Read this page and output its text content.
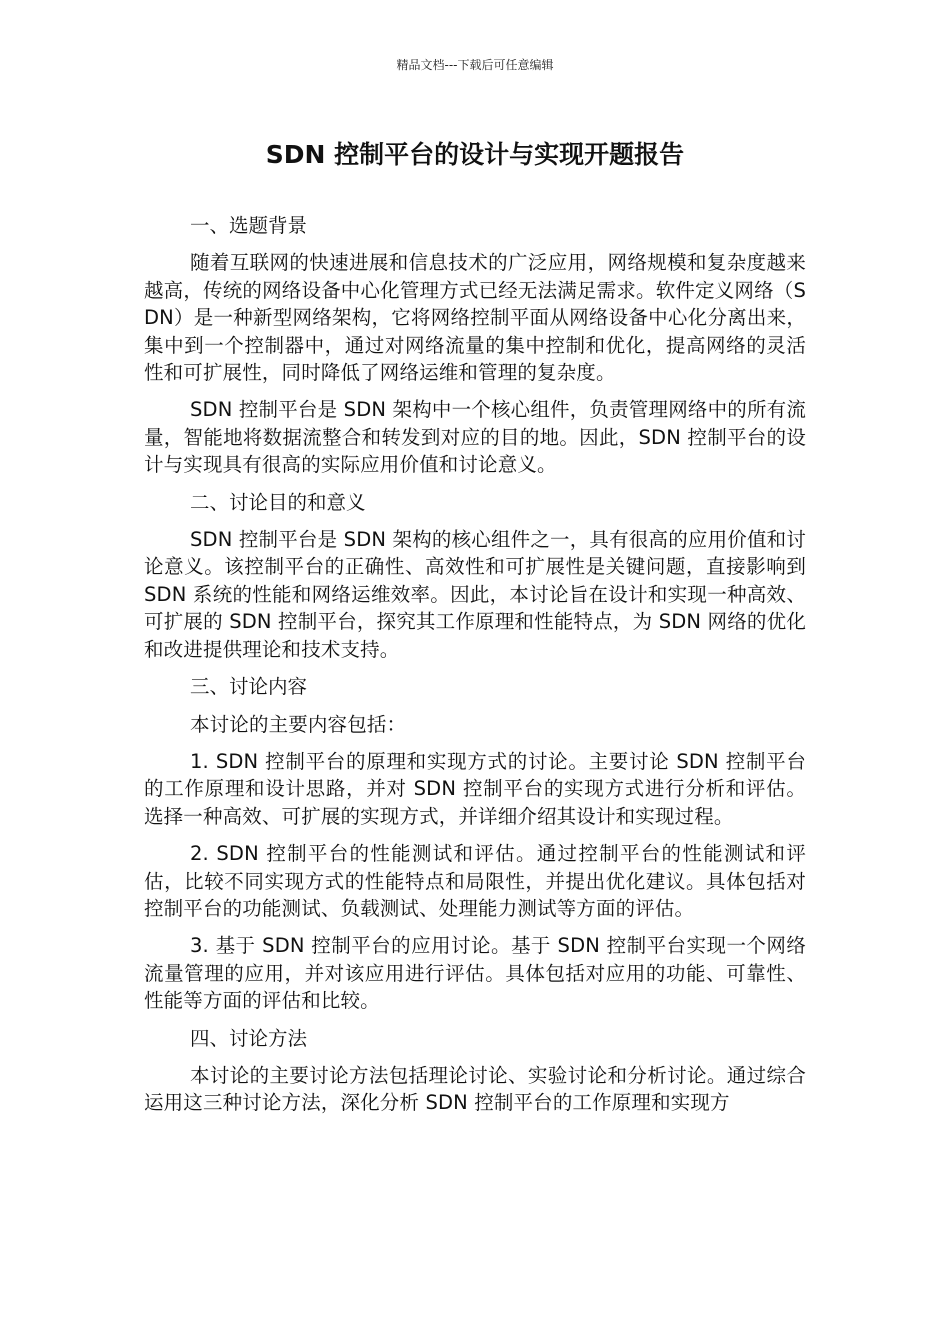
精品文档---下载后可任意编辑
SDN 控制平台的设计与实现开题报告
一、选题背景

随着互联网的快速进展和信息技术的广泛应用，网络规模和复杂度越来越高，传统的网络设备中心化管理方式已经无法满足需求。软件定义网络（SDN）是一种新型网络架构，它将网络控制平面从网络设备中心化分离出来，集中到一个控制器中，通过对网络流量的集中控制和优化，提高网络的灵活性和可扩展性，同时降低了网络运维和管理的复杂度。

SDN 控制平台是 SDN 架构中一个核心组件，负责管理网络中的所有流量，智能地将数据流整合和转发到对应的目的地。因此，SDN 控制平台的设计与实现具有很高的实际应用价值和讨论意义。

二、讨论目的和意义

SDN 控制平台是 SDN 架构的核心组件之一，具有很高的应用价值和讨论意义。该控制平台的正确性、高效性和可扩展性是关键问题，直接影响到 SDN 系统的性能和网络运维效率。因此，本讨论旨在设计和实现一种高效、可扩展的 SDN 控制平台，探究其工作原理和性能特点，为 SDN 网络的优化和改进提供理论和技术支持。

三、讨论内容

本讨论的主要内容包括：

1. SDN 控制平台的原理和实现方式的讨论。主要讨论 SDN 控制平台的工作原理和设计思路，并对 SDN 控制平台的实现方式进行分析和评估。选择一种高效、可扩展的实现方式，并详细介绍其设计和实现过程。

2. SDN 控制平台的性能测试和评估。通过控制平台的性能测试和评估，比较不同实现方式的性能特点和局限性，并提出优化建议。具体包括对控制平台的功能测试、负载测试、处理能力测试等方面的评估。

3. 基于 SDN 控制平台的应用讨论。基于 SDN 控制平台实现一个网络流量管理的应用，并对该应用进行评估。具体包括对应用的功能、可靠性、性能等方面的评估和比较。

四、讨论方法

本讨论的主要讨论方法包括理论讨论、实验讨论和分析讨论。通过综合运用这三种讨论方法，深化分析 SDN 控制平台的工作原理和实现方
